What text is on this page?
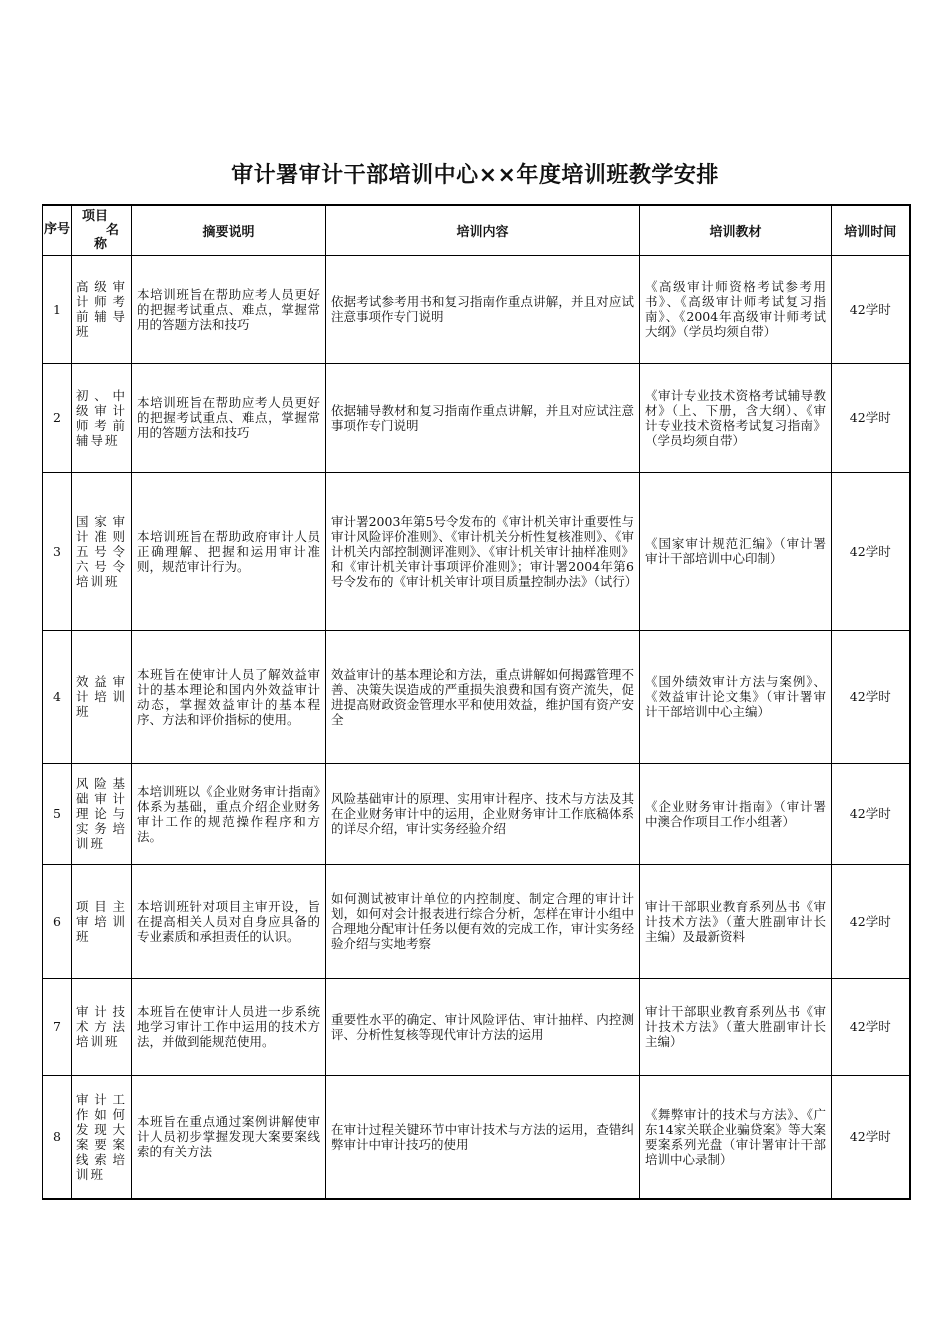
审计署审计干部培训中心××年度培训班教学安排
序号	项目
名
称	摘要说明	培训内容	培训教材	培训时间
1	高级审计师考前辅导班	本培训班旨在帮助应考人员更好的把握考试重点、难点，掌握常用的答题方法和技巧	依据考试参考用书和复习指南作重点讲解，并且对应试注意事项作专门说明	《高级审计师资格考试参考用书》、《高级审计师考试复习指南》、《2004年高级审计师考试大纲》（学员均须自带）	42学时
2	初、中级审计师考前辅导班	本培训班旨在帮助应考人员更好的把握考试重点、难点，掌握常用的答题方法和技巧	依据辅导教材和复习指南作重点讲解，并且对应试注意事项作专门说明	《审计专业技术资格考试辅导教材》（上、下册，含大纲）、《审计专业技术资格考试复习指南》（学员均须自带）	42学时
3	国家审计准则五号令六号令培训班	本培训班旨在帮助政府审计人员正确理解、把握和运用审计准则，规范审计行为。	审计署2003年第5号令发布的《审计机关审计重要性与审计风险评价准则》、《审计机关分析性复核准则》、《审计机关内部控制测评准则》、《审计机关审计抽样准则》和《审计机关审计事项评价准则》；审计署2004年第6号令发布的《审计机关审计项目质量控制办法》（试行）	《国家审计规范汇编》（审计署审计干部培训中心印制）	42学时
4	效益审计培训班	本班旨在使审计人员了解效益审计的基本理论和国内外效益审计动态，掌握效益审计的基本程序、方法和评价指标的使用。	效益审计的基本理论和方法，重点讲解如何揭露管理不善、决策失误造成的严重损失浪费和国有资产流失，促进提高财政资金管理水平和使用效益，维护国有资产安全	《国外绩效审计方法与案例》、《效益审计论文集》（审计署审计干部培训中心主编）	42学时
5	风险基础审计理论与实务培训班	本培训班以《企业财务审计指南》体系为基础，重点介绍企业财务审计工作的规范操作程序和方法。	风险基础审计的原理、实用审计程序、技术与方法及其在企业财务审计中的运用，企业财务审计工作底稿体系的详尽介绍，审计实务经验介绍	《企业财务审计指南》（审计署中澳合作项目工作小组著）	42学时
6	项目主审培训班	本培训班针对项目主审开设，旨在提高相关人员对自身应具备的专业素质和承担责任的认识。	如何测试被审计单位的内控制度、制定合理的审计计划，如何对会计报表进行综合分析，怎样在审计小组中合理地分配审计任务以便有效的完成工作，审计实务经验介绍与实地考察	审计干部职业教育系列丛书《审计技术方法》（董大胜副审计长主编）及最新资料	42学时
7	审计技术方法培训班	本班旨在使审计人员进一步系统地学习审计工作中运用的技术方法，并做到能规范使用。	重要性水平的确定、审计风险评估、审计抽样、内控测评、分析性复核等现代审计方法的运用	审计干部职业教育系列丛书《审计技术方法》（董大胜副审计长主编）	42学时
8	审计工作如何发现大案要案线索培训班	本班旨在重点通过案例讲解使审计人员初步掌握发现大案要案线索的有关方法	在审计过程关键环节中审计技术与方法的运用，查错纠弊审计中审计技巧的使用	《舞弊审计的技术与方法》、《广东14家关联企业骗贷案》等大案要案系列光盘（审计署审计干部培训中心录制）	42学时
